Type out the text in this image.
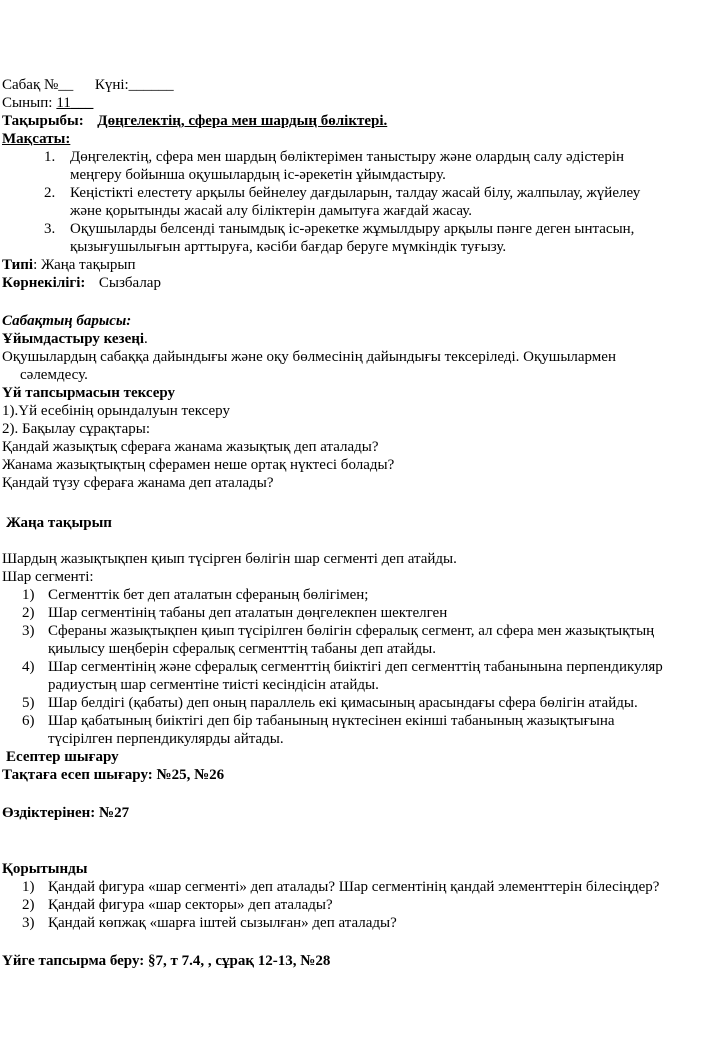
Сабақ №__ Күні:______
Сынып: 11___
Тақырыбы: Дөңгелектің, сфера мен шардың бөліктері.
Мақсаты:
1. Дөңгелектің, сфера мен шардың бөліктерімен таныстыру және олардың салу әдістерін
меңгеру бойынша оқушылардың іс-әрекетін ұйымдастыру.
2. Кеңістікті елестету арқылы бейнелеу дағдыларын, талдау жасай білу, жалпылау, жүйелеу
және қорытынды жасай алу біліктерін дамытуға жағдай жасау.
3. Оқушыларды белсенді танымдық іс-әрекетке жұмылдыру арқылы пәнге деген ынтасын,
қызығушылығын арттыруға, кәсіби бағдар беруге мүмкіндік туғызу.
Типі: Жаңа тақырып
Көрнекілігі: Сызбалар
Сабақтың барысы:
Ұйымдастыру кезеңі.
Оқушылардың сабаққа дайындығы және оқу бөлмесінің дайындығы тексеріледі. Оқушылармен
сәлемдесу.
Үй тапсырмасын тексеру
1).Үй есебінің орындалуын тексеру
2). Бақылау сұрақтары:
Қандай жазықтық сфераға жанама жазықтық деп аталады?
Жанама жазықтықтың сферамен неше ортақ нүктесі болады?
Қандай түзу сфераға жанама деп аталады?
Жаңа тақырып
Шардың жазықтықпен қиып түсірген бөлігін шар сегменті деп атайды.
Шар сегменті:
1) Сегменттік бет деп аталатын сфераның бөлігімен;
2) Шар сегментінің табаны деп аталатын дөңгелекпен шектелген
3) Сфераны жазықтықпен қиып түсірілген бөлігін сфералық сегмент, ал сфера мен жазықтықтың
қиылысу шеңберін сфералық сегменттің табаны деп атайды.
4) Шар сегментінің және сфералық сегменттің биіктігі деп сегменттің табанынына перпендикуляр
радиустың шар сегментіне тиісті кесіндісін атайды.
5) Шар белдігі (қабаты) деп оның параллель екі қимасының арасындағы сфера бөлігін атайды.
6) Шар қабатының биіктігі деп бір табанының нүктесінен екінші табанының жазықтығына
түсірілген перпендикулярды айтады.
Есептер шығару
Тақтаға есеп шығару: №25, №26
Өздіктерінен: №27
Қорытынды
1) Қандай фигура «шар сегменті» деп аталады? Шар сегментінің қандай элементтерін білесіңдер?
2) Қандай фигура «шар секторы» деп аталады?
3) Қандай көпжақ «шарға іштей сызылған» деп аталады?
Үйге тапсырма беру: §7, т 7.4, , сұрақ 12-13, №28
